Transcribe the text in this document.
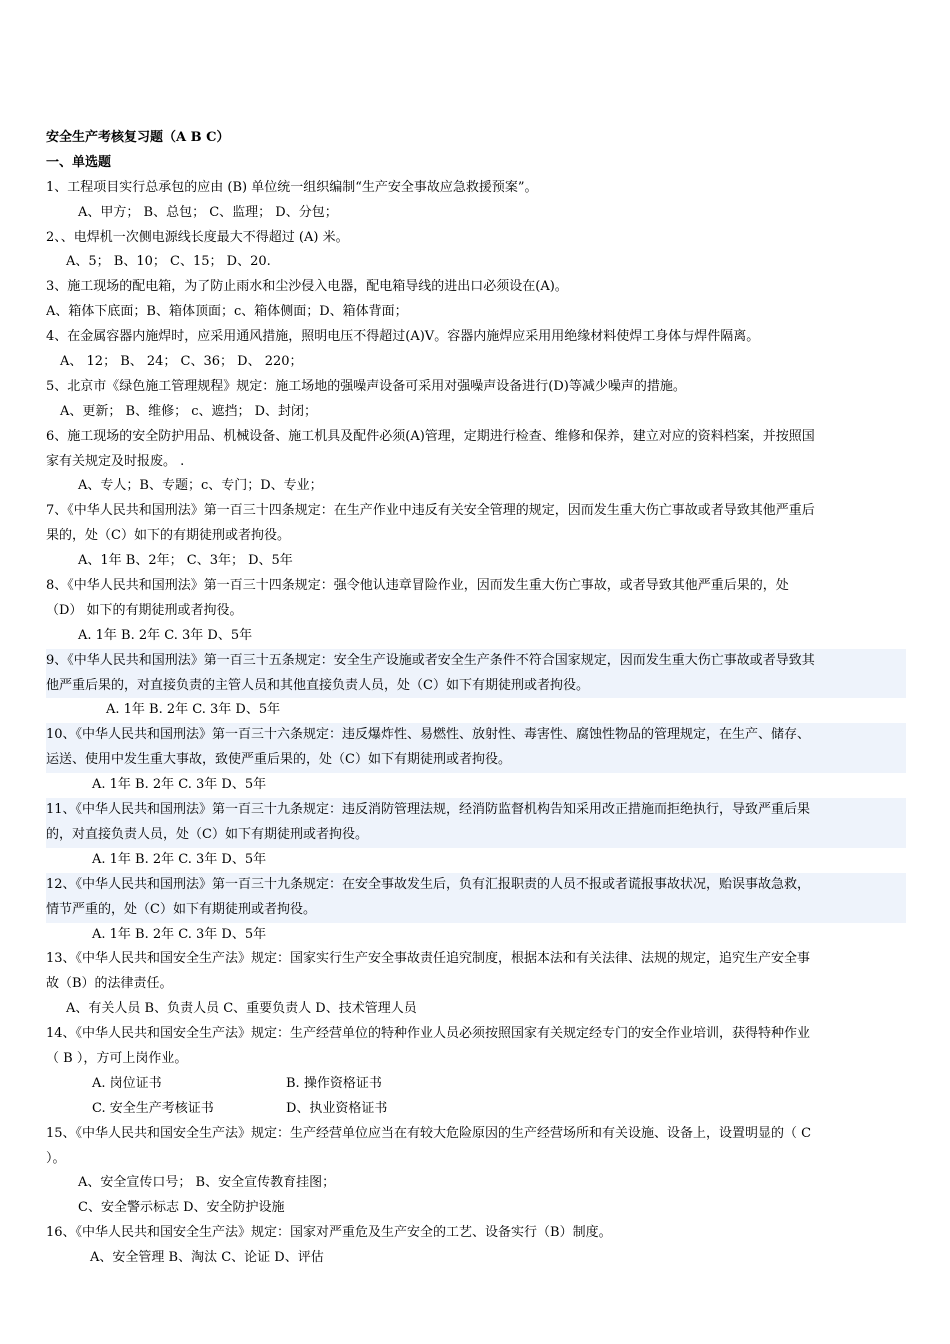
安全生产考核复习题（A B C）
一、单选题
1、工程项目实行总承包的应由 (B) 单位统一组织编制“生产安全事故应急救援预案”。
A、甲方； B、总包； C、监理； D、分包；
2、、电焊机一次侧电源线长度最大不得超过 (A) 米。
A、5； B、10； C、15； D、20.
3、施工现场的配电箱，为了防止雨水和尘沙侵入电器，配电箱导线的进出口必须设在(A)。
A、箱体下底面；B、箱体顶面；c、箱体侧面；D、箱体背面；
4、在金属容器内施焊时，应采用通风措施，照明电压不得超过(A)V。容器内施焊应采用用绝缘材料使焊工身体与焊件隔离。
A、 12； B、 24； C、36； D、 220；
5、北京市《绿色施工管理规程》规定：施工场地的强噪声设备可采用对强噪声设备进行(D)等减少噪声的措施。
A、更新； B、维修； c、遮挡； D、封闭；
6、施工现场的安全防护用品、机械设备、施工机具及配件必须(A)管理，定期进行检查、维修和保养，建立对应的资料档案，并按照国
家有关规定及时报废。 .
A、专人；B、专题；c、专门；D、专业；
7、《中华人民共和国刑法》第一百三十四条规定：在生产作业中违反有关安全管理的规定，因而发生重大伤亡事故或者导致其他严重后
果的，处（C）如下的有期徒刑或者拘役。
A、1年 B、2年； C、3年； D、5年
8、《中华人民共和国刑法》第一百三十四条规定：强令他认违章冒险作业，因而发生重大伤亡事故，或者导致其他严重后果的，处
（D） 如下的有期徒刑或者拘役。
A. 1年 B. 2年 C. 3年 D、5年
9、《中华人民共和国刑法》第一百三十五条规定：安全生产设施或者安全生产条件不符合国家规定，因而发生重大伤亡事故或者导致其
他严重后果的，对直接负责的主管人员和其他直接负责人员，处（C）如下有期徒刑或者拘役。
A. 1年 B. 2年 C. 3年 D、5年
10、《中华人民共和国刑法》第一百三十六条规定：违反爆炸性、易燃性、放射性、毒害性、腐蚀性物品的管理规定，在生产、储存、
运送、使用中发生重大事故，致使严重后果的，处（C）如下有期徒刑或者拘役。
A. 1年 B. 2年 C. 3年 D、5年
11、《中华人民共和国刑法》第一百三十九条规定：违反消防管理法规，经消防监督机构告知采用改正措施而拒绝执行，导致严重后果
的，对直接负责人员，处（C）如下有期徒刑或者拘役。
A. 1年 B. 2年 C. 3年 D、5年
12、《中华人民共和国刑法》第一百三十九条规定：在安全事故发生后，负有汇报职责的人员不报或者谎报事故状况，贻误事故急救，
情节严重的，处（C）如下有期徒刑或者拘役。
A. 1年 B. 2年 C. 3年 D、5年
13、《中华人民共和国安全生产法》规定：国家实行生产安全事故责任追究制度，根据本法和有关法律、法规的规定，追究生产安全事
故（B）的法律责任。
A、有关人员 B、负责人员 C、重要负责人 D、技术管理人员
14、《中华人民共和国安全生产法》规定：生产经营单位的特种作业人员必须按照国家有关规定经专门的安全作业培训，获得特种作业
（ B ），方可上岗作业。
A. 岗位证书	B. 操作资格证书
C. 安全生产考核证书	D、执业资格证书
15、《中华人民共和国安全生产法》规定：生产经营单位应当在有较大危险原因的生产经营场所和有关设施、设备上，设置明显的（ C
）。
A、安全宣传口号； B、安全宣传教育挂图；
C、安全警示标志 D、安全防护设施
16、《中华人民共和国安全生产法》规定：国家对严重危及生产安全的工艺、设备实行（B）制度。
A、安全管理 B、淘汰 C、论证 D、评估
